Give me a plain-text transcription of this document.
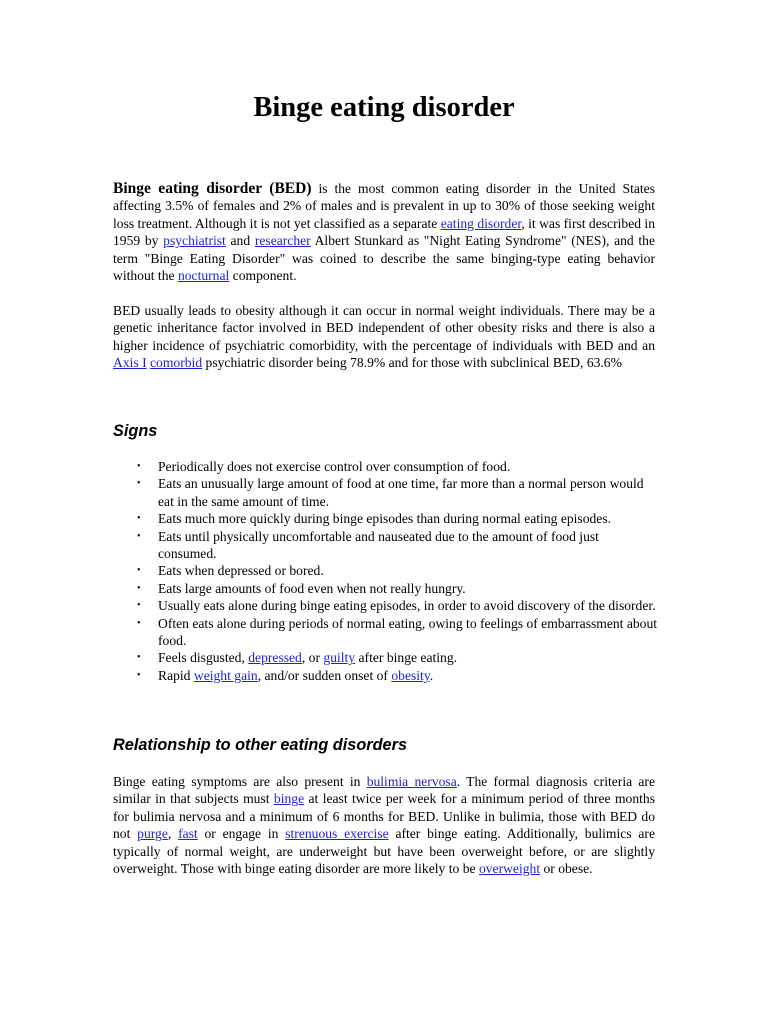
Binge eating disorder

Binge eating disorder (BED) is the most common eating disorder in the United States affecting 3.5% of females and 2% of males and is prevalent in up to 30% of those seeking weight loss treatment. Although it is not yet classified as a separate eating disorder, it was first described in 1959 by psychiatrist and researcher Albert Stunkard as "Night Eating Syndrome" (NES), and the term "Binge Eating Disorder" was coined to describe the same binging-type eating behavior without the nocturnal component.

BED usually leads to obesity although it can occur in normal weight individuals. There may be a genetic inheritance factor involved in BED independent of other obesity risks and there is also a higher incidence of psychiatric comorbidity, with the percentage of individuals with BED and an Axis I comorbid psychiatric disorder being 78.9% and for those with subclinical BED, 63.6%

Signs
• Periodically does not exercise control over consumption of food.
• Eats an unusually large amount of food at one time, far more than a normal person would eat in the same amount of time.
• Eats much more quickly during binge episodes than during normal eating episodes.
• Eats until physically uncomfortable and nauseated due to the amount of food just consumed.
• Eats when depressed or bored.
• Eats large amounts of food even when not really hungry.
• Usually eats alone during binge eating episodes, in order to avoid discovery of the disorder.
• Often eats alone during periods of normal eating, owing to feelings of embarrassment about food.
• Feels disgusted, depressed, or guilty after binge eating.
• Rapid weight gain, and/or sudden onset of obesity.
Relationship to other eating disorders

Binge eating symptoms are also present in bulimia nervosa. The formal diagnosis criteria are similar in that subjects must binge at least twice per week for a minimum period of three months for bulimia nervosa and a minimum of 6 months for BED. Unlike in bulimia, those with BED do not purge, fast or engage in strenuous exercise after binge eating. Additionally, bulimics are typically of normal weight, are underweight but have been overweight before, or are slightly overweight. Those with binge eating disorder are more likely to be overweight or obese.
